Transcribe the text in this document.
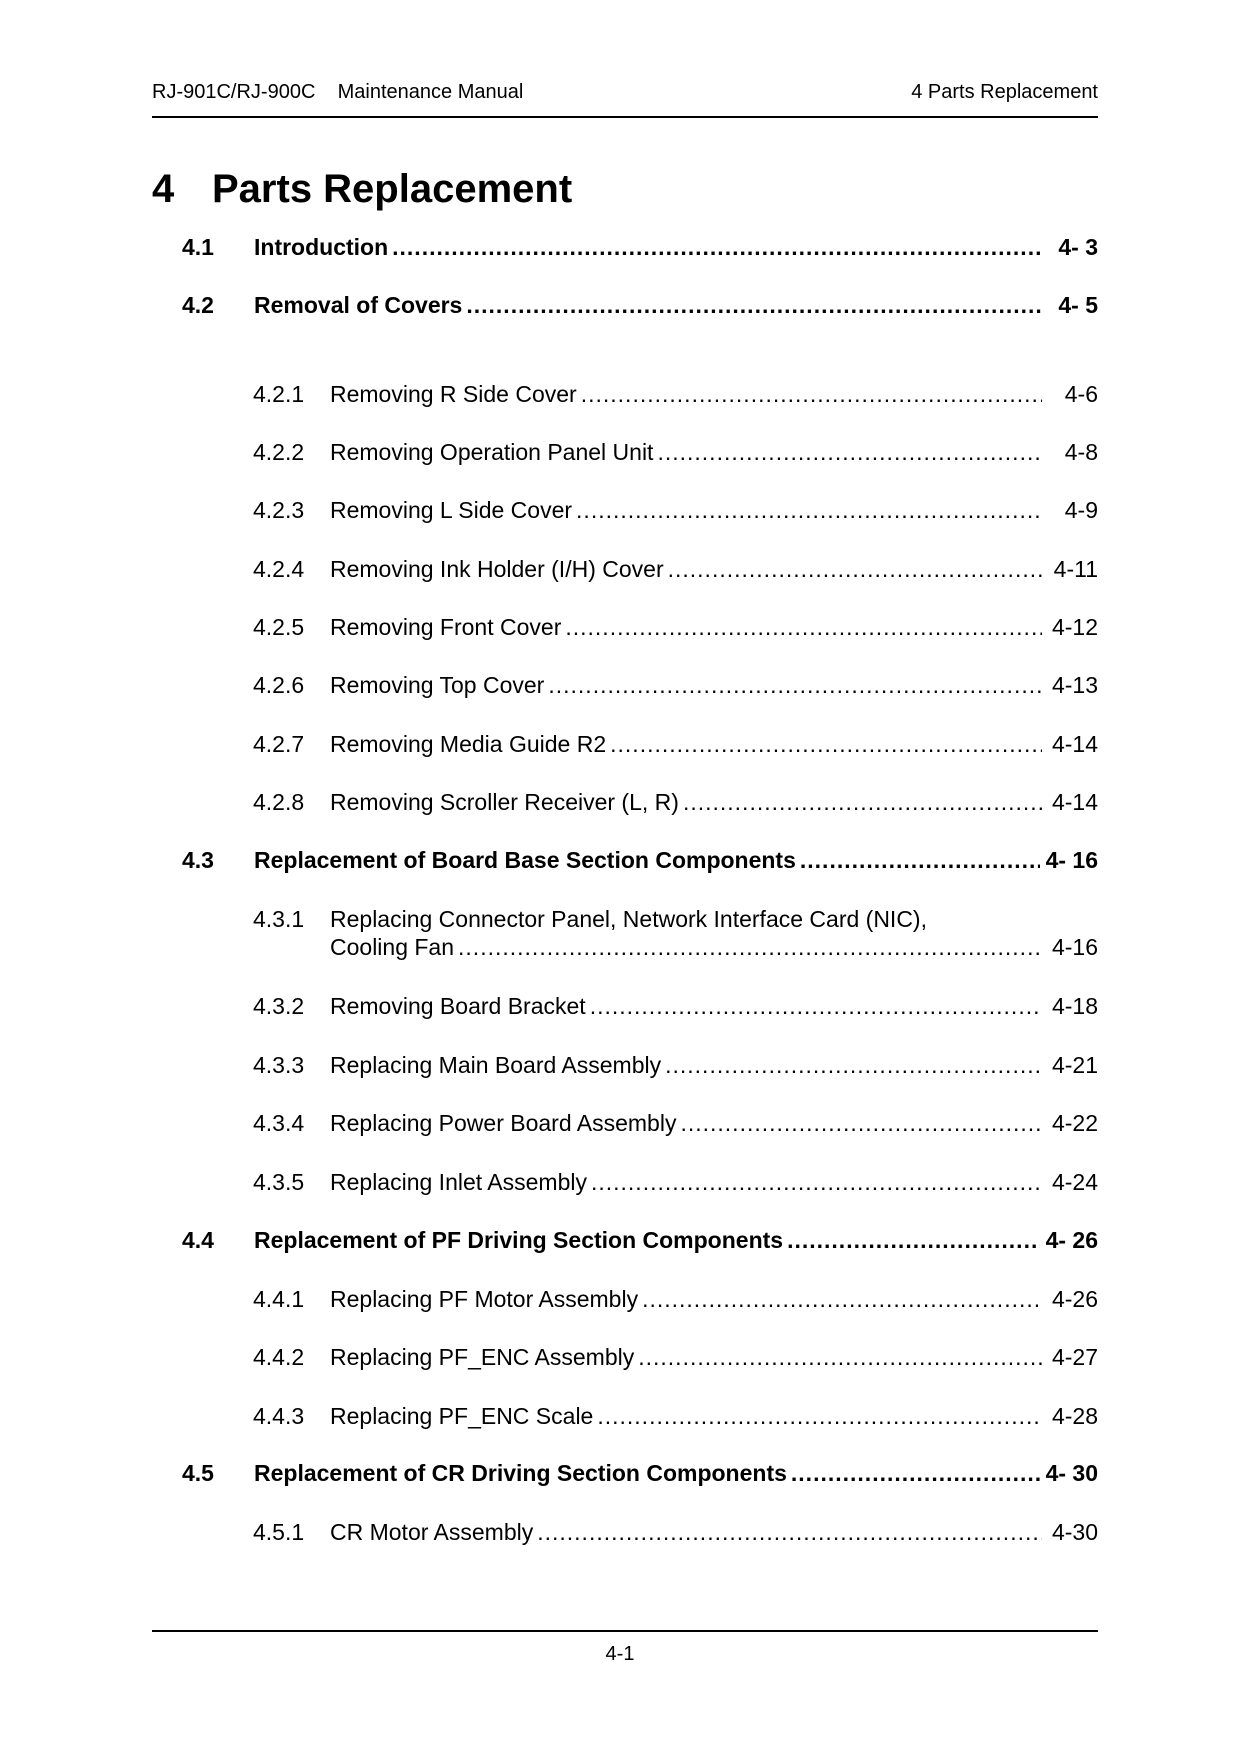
RJ-901C/RJ-900C    Maintenance Manual	4 Parts Replacement
4 Parts Replacement
4.1 Introduction .....	4- 3
4.2 Removal of Covers .....	4- 5
4.2.1 Removing R Side Cover .....	4-6
4.2.2 Removing Operation Panel Unit .....	4-8
4.2.3 Removing L Side Cover .....	4-9
4.2.4 Removing Ink Holder (I/H) Cover .....	4-11
4.2.5 Removing Front Cover .....	4-12
4.2.6 Removing Top Cover .....	4-13
4.2.7 Removing Media Guide R2 .....	4-14
4.2.8 Removing Scroller Receiver (L, R) .....	4-14
4.3 Replacement of Board Base Section Components .....	4- 16
4.3.1 Replacing Connector Panel, Network Interface Card (NIC),
Cooling Fan .....	4-16
4.3.2 Removing Board Bracket .....	4-18
4.3.3 Replacing Main Board Assembly .....	4-21
4.3.4 Replacing Power Board Assembly .....	4-22
4.3.5 Replacing Inlet Assembly .....	4-24
4.4 Replacement of PF Driving Section Components .....	4- 26
4.4.1 Replacing PF Motor Assembly .....	4-26
4.4.2 Replacing PF_ENC Assembly .....	4-27
4.4.3 Replacing PF_ENC Scale .....	4-28
4.5 Replacement of CR Driving Section Components .....	4- 30
4.5.1 CR Motor Assembly .....	4-30
4-1
